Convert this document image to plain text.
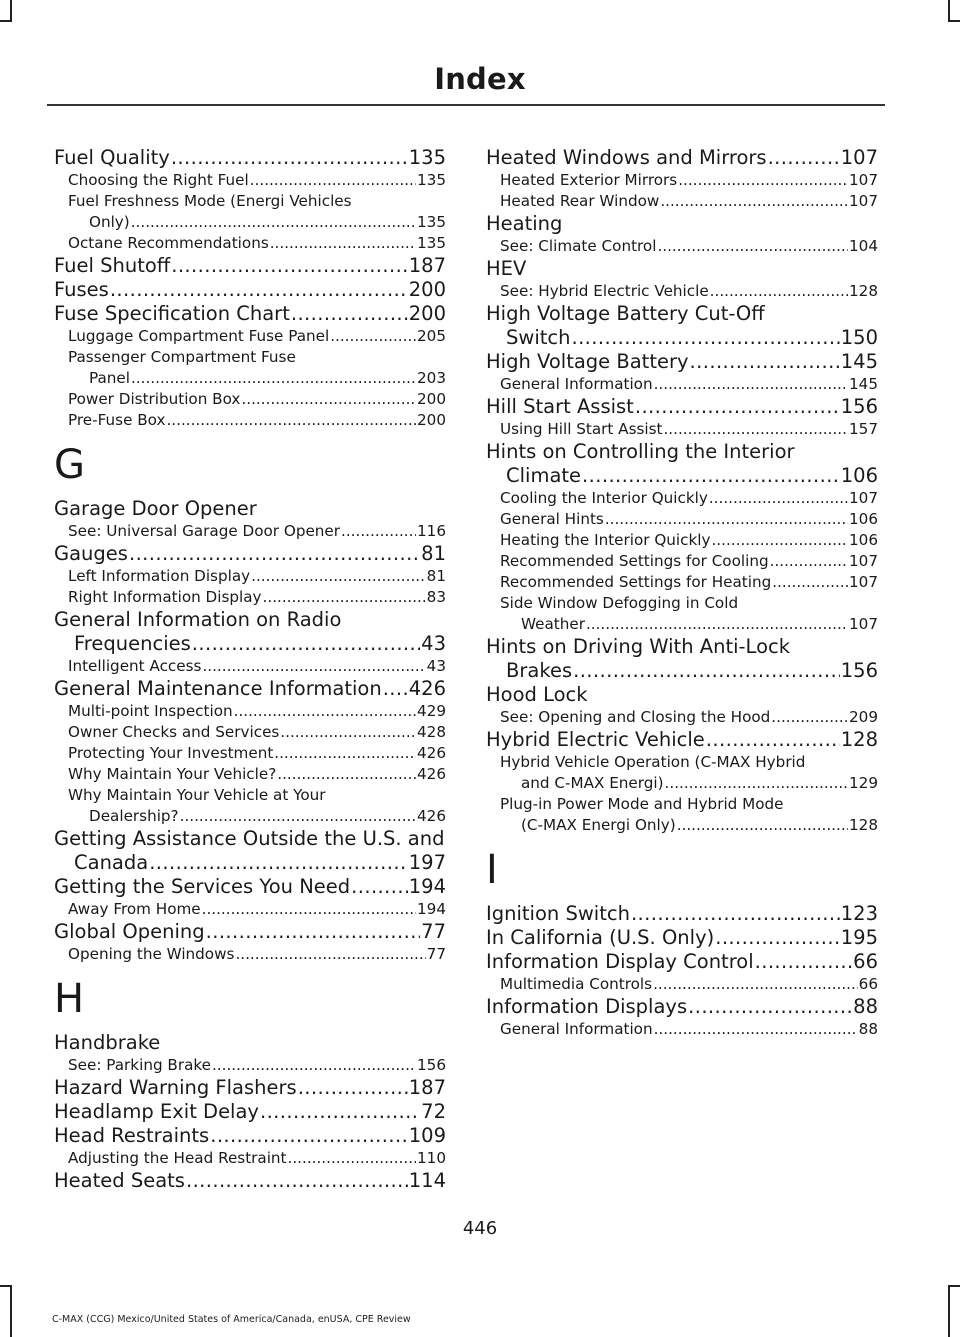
Index
Fuel Quality .....	135
Choosing the Right Fuel .....	135
Fuel Freshness Mode (Energi Vehicles
Only) .....	135
Octane Recommendations .....	135
Fuel Shutoff .....	187
Fuses .....	200
Fuse Specification Chart .....	200
Luggage Compartment Fuse Panel .....	205
Passenger Compartment Fuse
Panel .....	203
Power Distribution Box .....	200
Pre-Fuse Box .....	200
G
Garage Door Opener
See: Universal Garage Door Opener .....	116
Gauges .....	81
Left Information Display .....	81
Right Information Display .....	83
General Information on Radio
Frequencies .....	43
Intelligent Access .....	43
General Maintenance Information ..... 426
Multi-point Inspection .....	429
Owner Checks and Services .....	428
Protecting Your Investment .....	426
Why Maintain Your Vehicle? .....	426
Why Maintain Your Vehicle at Your
Dealership? .....	426
Getting Assistance Outside the U.S. and
Canada .....	197
Getting the Services You Need .....	194
Away From Home .....	194
Global Opening .....	77
Opening the Windows .....	77
H
Handbrake
See: Parking Brake .....	156
Hazard Warning Flashers .....	187
Headlamp Exit Delay .....	72
Head Restraints .....	109
Adjusting the Head Restraint .....	110
Heated Seats .....	114
Heated Windows and Mirrors .....	107
Heated Exterior Mirrors .....	107
Heated Rear Window .....	107
Heating
See: Climate Control .....	104
HEV
See: Hybrid Electric Vehicle .....	128
High Voltage Battery Cut-Off
Switch .....	150
High Voltage Battery .....	145
General Information .....	145
Hill Start Assist .....	156
Using Hill Start Assist .....	157
Hints on Controlling the Interior
Climate .....	106
Cooling the Interior Quickly .....	107
General Hints .....	106
Heating the Interior Quickly .....	106
Recommended Settings for Cooling .....	107
Recommended Settings for Heating .....	107
Side Window Defogging in Cold
Weather .....	107
Hints on Driving With Anti-Lock
Brakes .....	156
Hood Lock
See: Opening and Closing the Hood .....	209
Hybrid Electric Vehicle .....	128
Hybrid Vehicle Operation (C-MAX Hybrid
and C-MAX Energi) .....	129
Plug-in Power Mode and Hybrid Mode
(C-MAX Energi Only) .....	128
I
Ignition Switch .....	123
In California (U.S. Only) .....	195
Information Display Control .....	66
Multimedia Controls .....	66
Information Displays .....	88
General Information .....	88
446
C-MAX (CCG) Mexico/United States of America/Canada, enUSA, CPE Review
